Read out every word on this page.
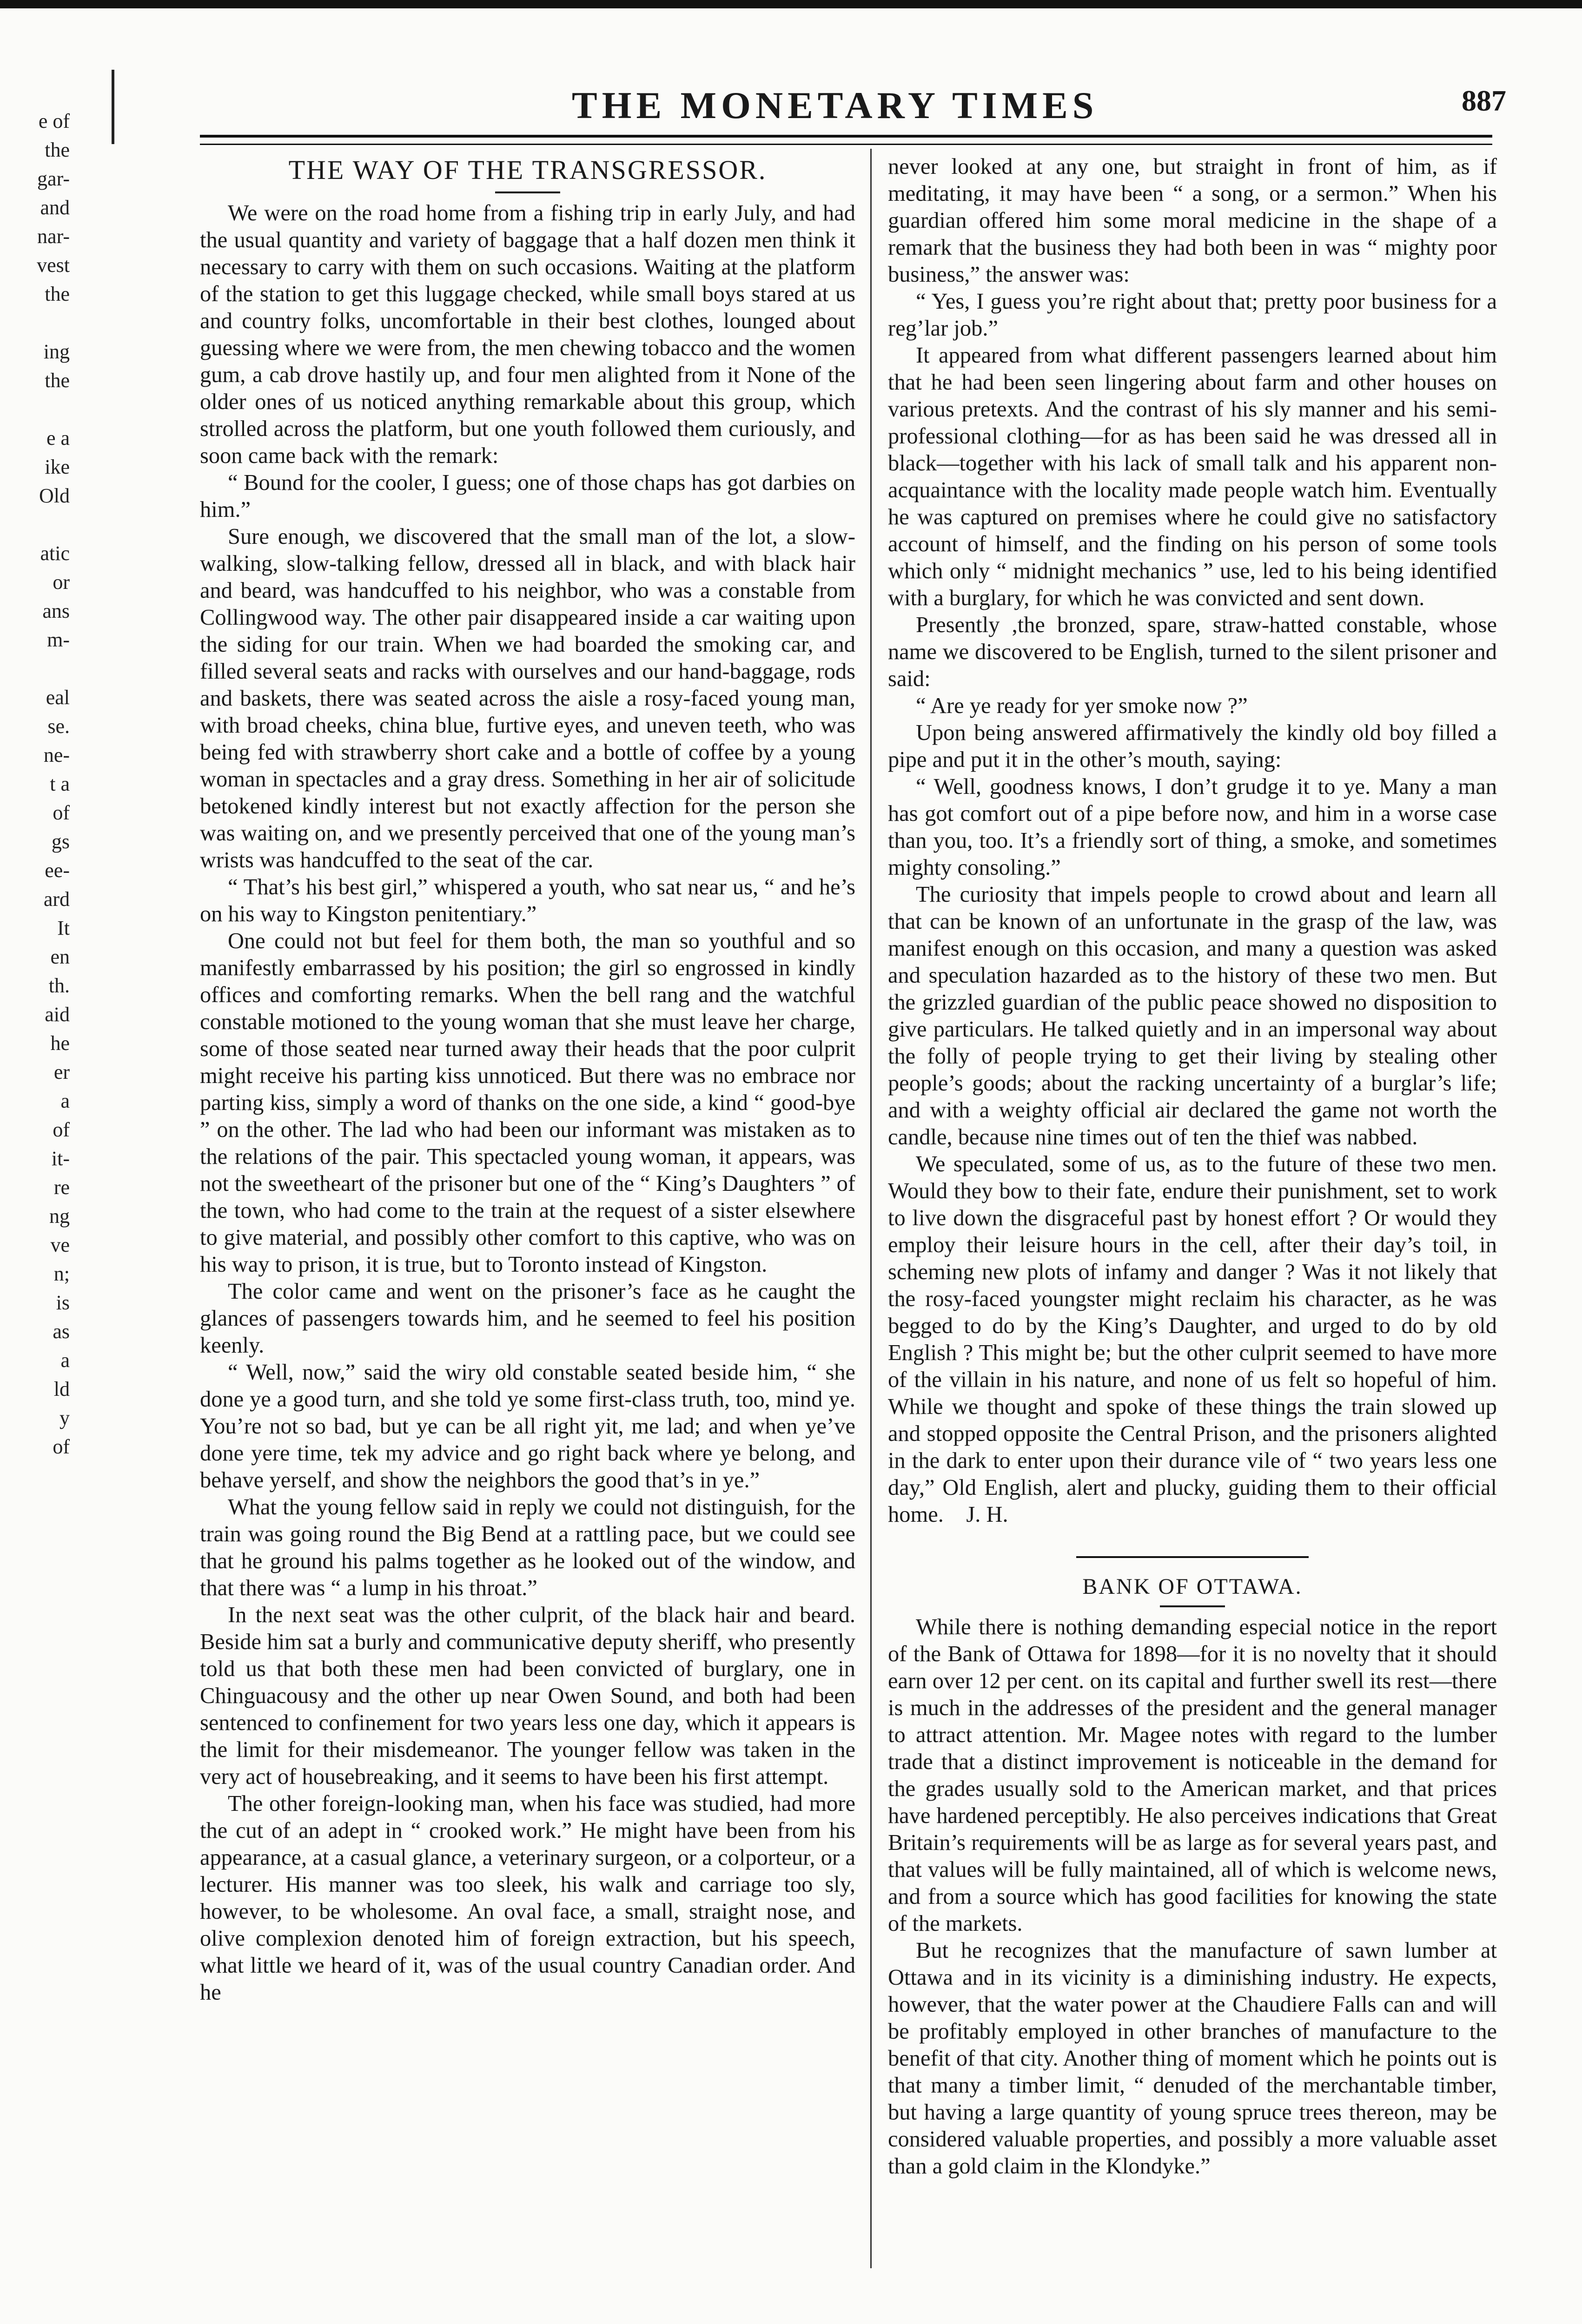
e of
the
gar-
and
nar-
vest
the
ing
the
e a
ike
Old
atic
or
ans
m-
eal
se.
ne-
t a
of
gs
ee-
ard
It
en
th.
aid
he
er
a
of
it-
re
ng
ve
n;
is
as
a
ld
y
of
THE MONETARY TIMES	887
THE WAY OF THE TRANSGRESSOR.

We were on the road home from a fishing trip in early July, and had the usual quantity and variety of baggage that a half dozen men think it necessary to carry with them on such occasions. Waiting at the platform of the station to get this luggage checked, while small boys stared at us and country folks, uncomfortable in their best clothes, lounged about guessing where we were from, the men chewing tobacco and the women gum, a cab drove hastily up, and four men alighted from it None of the older ones of us noticed anything remarkable about this group, which strolled across the platform, but one youth followed them curiously, and soon came back with the remark:

“ Bound for the cooler, I guess; one of those chaps has got darbies on him.”

Sure enough, we discovered that the small man of the lot, a slow-walking, slow-talking fellow, dressed all in black, and with black hair and beard, was handcuffed to his neighbor, who was a constable from Collingwood way. The other pair disappeared inside a car waiting upon the siding for our train. When we had boarded the smoking car, and filled several seats and racks with ourselves and our hand-baggage, rods and baskets, there was seated across the aisle a rosy-faced young man, with broad cheeks, china blue, furtive eyes, and uneven teeth, who was being fed with strawberry short cake and a bottle of coffee by a young woman in spectacles and a gray dress. Something in her air of solicitude betokened kindly interest but not exactly affection for the person she was waiting on, and we presently perceived that one of the young man’s wrists was handcuffed to the seat of the car.

“ That’s his best girl,” whispered a youth, who sat near us, “ and he’s on his way to Kingston penitentiary.”

One could not but feel for them both, the man so youthful and so manifestly embarrassed by his position; the girl so engrossed in kindly offices and comforting remarks. When the bell rang and the watchful constable motioned to the young woman that she must leave her charge, some of those seated near turned away their heads that the poor culprit might receive his parting kiss unnoticed. But there was no embrace nor parting kiss, simply a word of thanks on the one side, a kind “ good-bye ” on the other. The lad who had been our informant was mistaken as to the relations of the pair. This spectacled young woman, it appears, was not the sweetheart of the prisoner but one of the “ King’s Daughters ” of the town, who had come to the train at the request of a sister elsewhere to give material, and possibly other comfort to this captive, who was on his way to prison, it is true, but to Toronto instead of Kingston.

The color came and went on the prisoner’s face as he caught the glances of passengers towards him, and he seemed to feel his position keenly.

“ Well, now,” said the wiry old constable seated beside him, “ she done ye a good turn, and she told ye some first-class truth, too, mind ye. You’re not so bad, but ye can be all right yit, me lad; and when ye’ve done yere time, tek my advice and go right back where ye belong, and behave yerself, and show the neighbors the good that’s in ye.”

What the young fellow said in reply we could not distinguish, for the train was going round the Big Bend at a rattling pace, but we could see that he ground his palms together as he looked out of the window, and that there was “ a lump in his throat.”

In the next seat was the other culprit, of the black hair and beard. Beside him sat a burly and communicative deputy sheriff, who presently told us that both these men had been convicted of burglary, one in Chinguacousy and the other up near Owen Sound, and both had been sentenced to confinement for two years less one day, which it appears is the limit for their misdemeanor. The younger fellow was taken in the very act of housebreaking, and it seems to have been his first attempt.

The other foreign-looking man, when his face was studied, had more the cut of an adept in “ crooked work.” He might have been from his appearance, at a casual glance, a veterinary surgeon, or a colporteur, or a lecturer. His manner was too sleek, his walk and carriage too sly, however, to be wholesome. An oval face, a small, straight nose, and olive complexion denoted him of foreign extraction, but his speech, what little we heard of it, was of the usual country Canadian order. And he

never looked at any one, but straight in front of him, as if meditating, it may have been “ a song, or a sermon.” When his guardian offered him some moral medicine in the shape of a remark that the business they had both been in was “ mighty poor business,” the answer was:

“ Yes, I guess you’re right about that; pretty poor business for a reg’lar job.”

It appeared from what different passengers learned about him that he had been seen lingering about farm and other houses on various pretexts. And the contrast of his sly manner and his semi-professional clothing—for as has been said he was dressed all in black—together with his lack of small talk and his apparent non-acquaintance with the locality made people watch him. Eventually he was captured on premises where he could give no satisfactory account of himself, and the finding on his person of some tools which only “ midnight mechanics ” use, led to his being identified with a burglary, for which he was convicted and sent down.

Presently ,the bronzed, spare, straw-hatted constable, whose name we discovered to be English, turned to the silent prisoner and said:

“ Are ye ready for yer smoke now ?”

Upon being answered affirmatively the kindly old boy filled a pipe and put it in the other’s mouth, saying:

“ Well, goodness knows, I don’t grudge it to ye. Many a man has got comfort out of a pipe before now, and him in a worse case than you, too. It’s a friendly sort of thing, a smoke, and sometimes mighty consoling.”

The curiosity that impels people to crowd about and learn all that can be known of an unfortunate in the grasp of the law, was manifest enough on this occasion, and many a question was asked and speculation hazarded as to the history of these two men. But the grizzled guardian of the public peace showed no disposition to give particulars. He talked quietly and in an impersonal way about the folly of people trying to get their living by stealing other people’s goods; about the racking uncertainty of a burglar’s life; and with a weighty official air declared the game not worth the candle, because nine times out of ten the thief was nabbed.

We speculated, some of us, as to the future of these two men. Would they bow to their fate, endure their punishment, set to work to live down the disgraceful past by honest effort ? Or would they employ their leisure hours in the cell, after their day’s toil, in scheming new plots of infamy and danger ? Was it not likely that the rosy-faced youngster might reclaim his character, as he was begged to do by the King’s Daughter, and urged to do by old English ? This might be; but the other culprit seemed to have more of the villain in his nature, and none of us felt so hopeful of him. While we thought and spoke of these things the train slowed up and stopped opposite the Central Prison, and the prisoners alighted in the dark to enter upon their durance vile of “ two years less one day,” Old English, alert and plucky, guiding them to their official home. J. H.

BANK OF OTTAWA.

While there is nothing demanding especial notice in the report of the Bank of Ottawa for 1898—for it is no novelty that it should earn over 12 per cent. on its capital and further swell its rest—there is much in the addresses of the president and the general manager to attract attention. Mr. Magee notes with regard to the lumber trade that a distinct improvement is noticeable in the demand for the grades usually sold to the American market, and that prices have hardened perceptibly. He also perceives indications that Great Britain’s requirements will be as large as for several years past, and that values will be fully maintained, all of which is welcome news, and from a source which has good facilities for knowing the state of the markets.

But he recognizes that the manufacture of sawn lumber at Ottawa and in its vicinity is a diminishing industry. He expects, however, that the water power at the Chaudiere Falls can and will be profitably employed in other branches of manufacture to the benefit of that city. Another thing of moment which he points out is that many a timber limit, “ denuded of the merchantable timber, but having a large quantity of young spruce trees thereon, may be considered valuable properties, and possibly a more valuable asset than a gold claim in the Klondyke.”
